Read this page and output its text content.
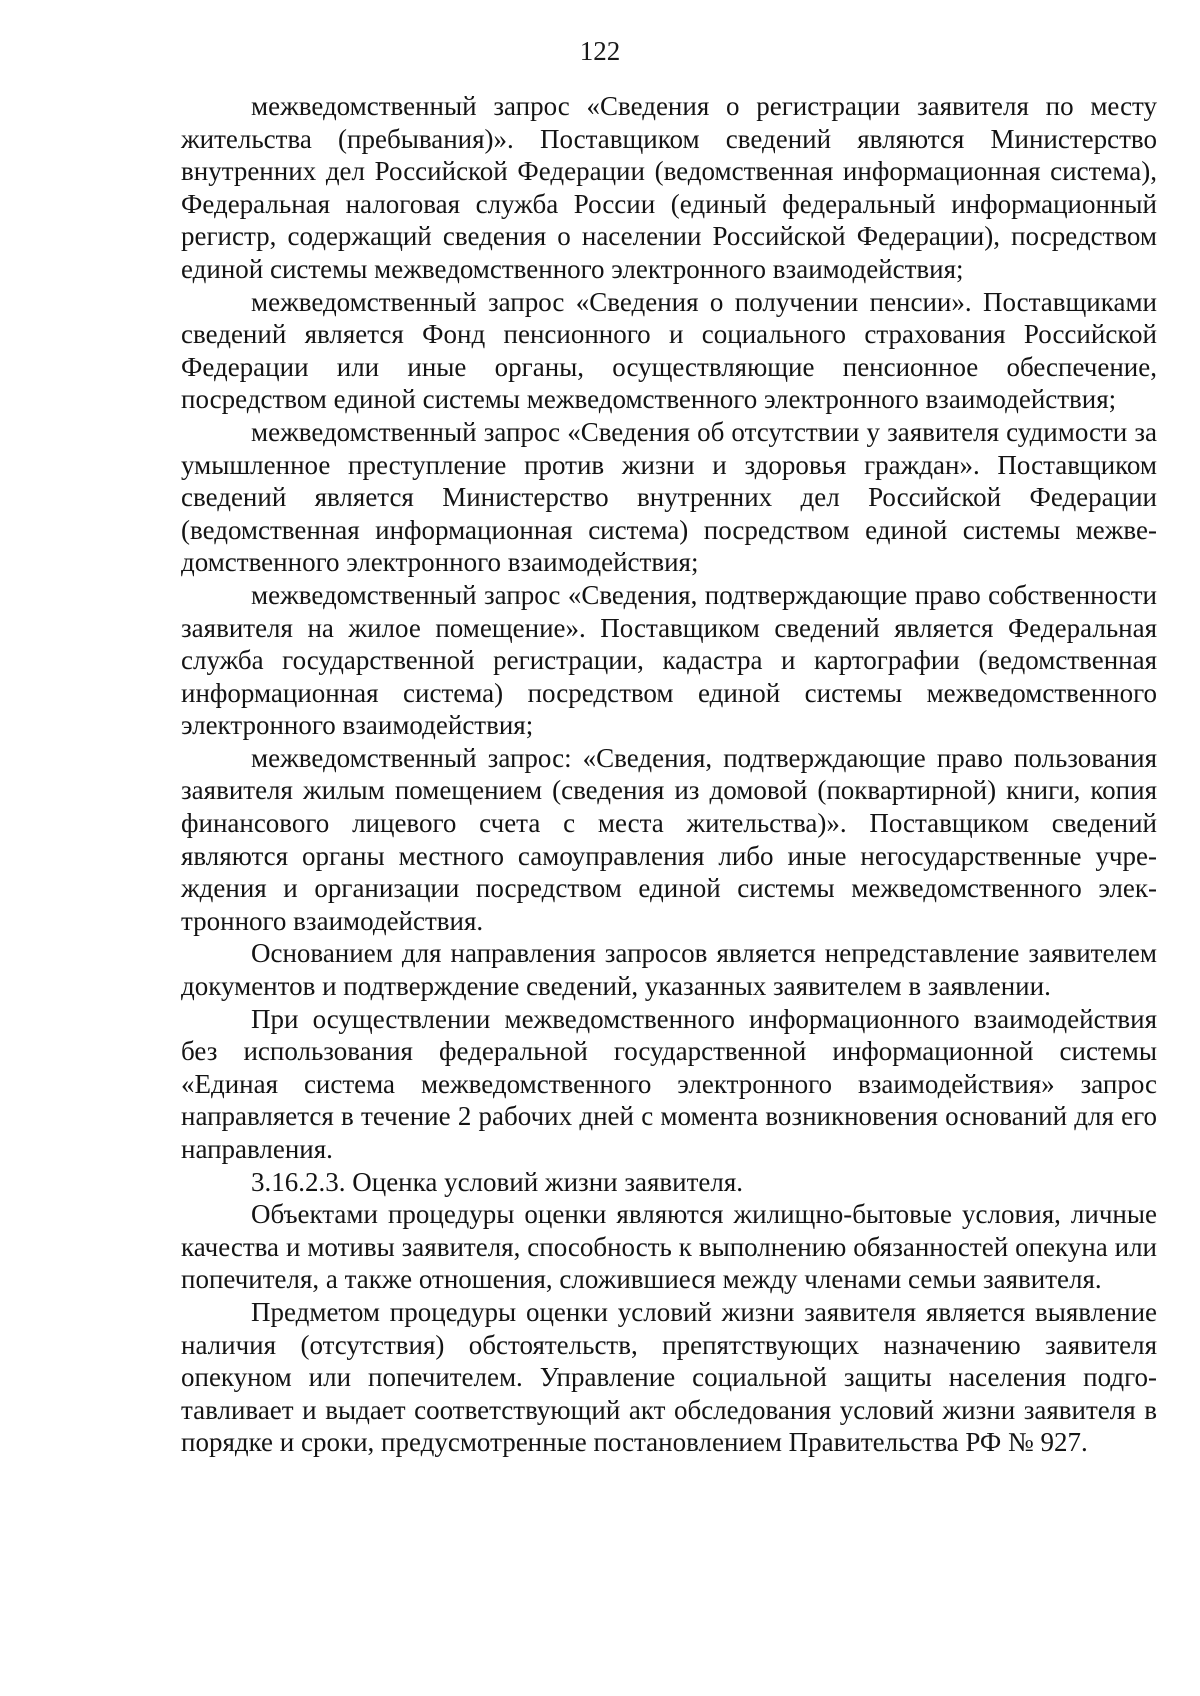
122

межведомственный запрос «Сведения о регистрации заявителя по месту жительства (пребывания)». Поставщиком сведений являются Министерство внутренних дел Российской Федерации (ведомственная информационная система), Федеральная налоговая служба России (единый федеральный информационный регистр, содержащий сведения о населении Российской Федерации), посредством единой системы межведомственного электронного взаимодействия;

межведомственный запрос «Сведения о получении пенсии». Поставщиками сведений является Фонд пенсионного и социального страхования Российской Федерации или иные органы, осуществляющие пенсионное обеспечение, посредством единой системы межведомственного электронного взаимодействия;

межведомственный запрос «Сведения об отсутствии у заявителя судимости за умышленное преступление против жизни и здоровья граждан». Поставщиком сведений является Министерство внутренних дел Российской Федерации (ведомственная информационная система) посредством единой системы межведомственного электронного взаимодействия;

межведомственный запрос «Сведения, подтверждающие право собственности заявителя на жилое помещение». Поставщиком сведений является Федеральная служба государственной регистрации, кадастра и картографии (ведомственная информационная система) посредством единой системы межведомственного электронного взаимодействия;

межведомственный запрос: «Сведения, подтверждающие право пользования заявителя жилым помещением (сведения из домовой (поквартирной) книги, копия финансового лицевого счета с места жительства)». Поставщиком сведений являются органы местного самоуправления либо иные негосударственные учреждения и организации посредством единой системы межведомственного электронного взаимодействия.

Основанием для направления запросов является непредставление заявителем документов и подтверждение сведений, указанных заявителем в заявлении.

При осуществлении межведомственного информационного взаимодействия без использования федеральной государственной информационной системы «Единая система межведомственного электронного взаимодействия» запрос направляется в течение 2 рабочих дней с момента возникновения оснований для его направления.

3.16.2.3. Оценка условий жизни заявителя.

Объектами процедуры оценки являются жилищно-бытовые условия, личные качества и мотивы заявителя, способность к выполнению обязанностей опекуна или попечителя, а также отношения, сложившиеся между членами семьи заявителя.

Предметом процедуры оценки условий жизни заявителя является выявление наличия (отсутствия) обстоятельств, препятствующих назначению заявителя опекуном или попечителем. Управление социальной защиты населения подготавливает и выдает соответствующий акт обследования условий жизни заявителя в порядке и сроки, предусмотренные постановлением Правительства РФ № 927.
